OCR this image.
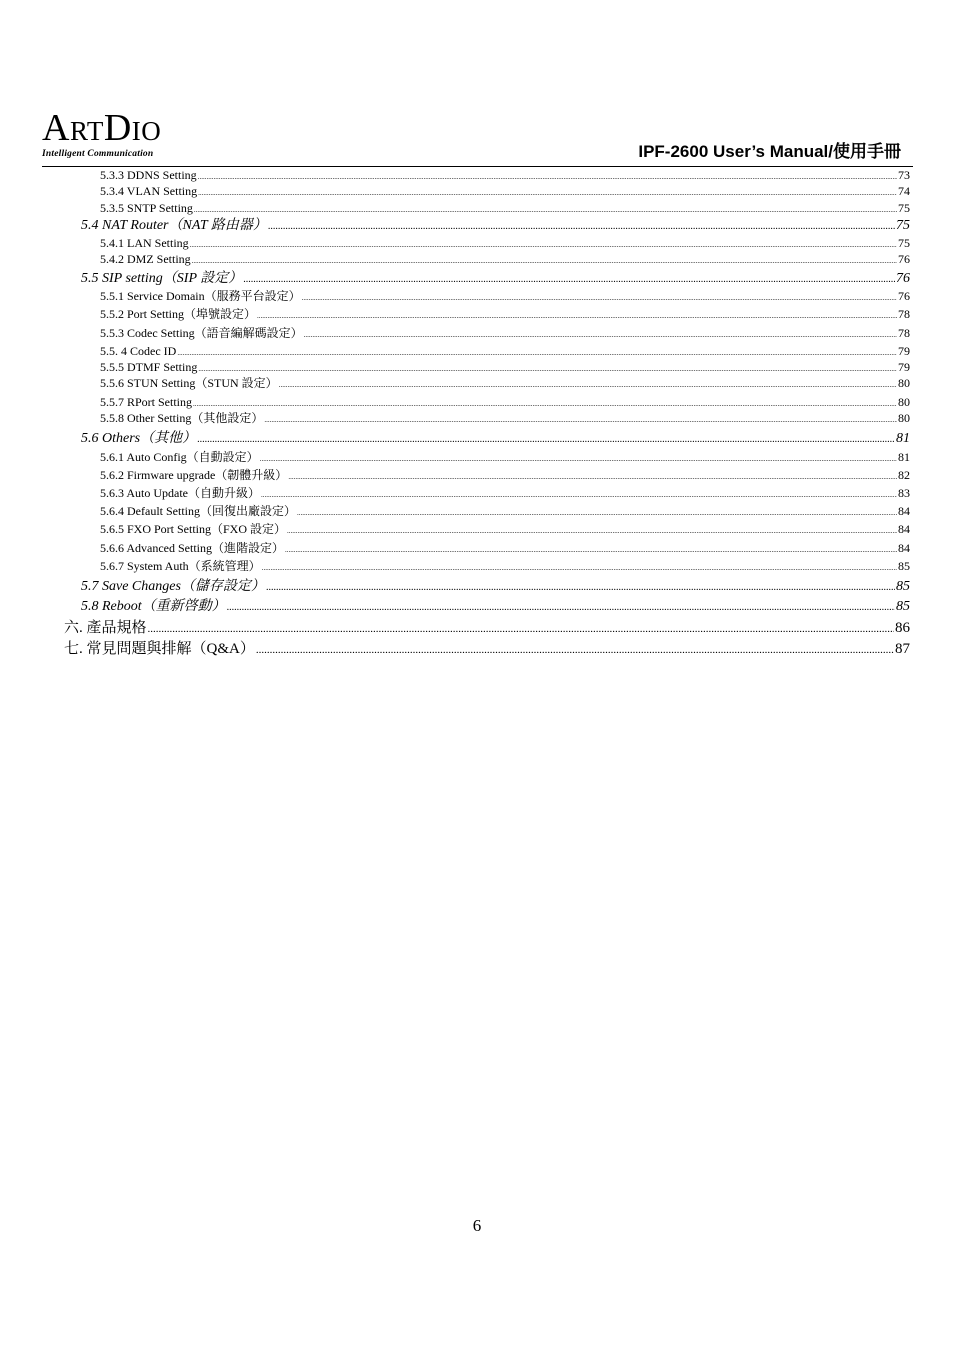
ARTDIO
Intelligent Communication	IPF-2600 User’s Manual/使用手冊
5.3.3 DDNS Setting .....	73
5.3.4 VLAN Setting .....	74
5.3.5 SNTP Setting .....	75
5.4 NAT Router（NAT 路由器） .....	75
5.4.1 LAN Setting .....	75
5.4.2 DMZ Setting .....	76
5.5 SIP setting（SIP 設定） .....	76
5.5.1 Service Domain（服務平台設定） .....	76
5.5.2 Port Setting（埠號設定） .....	78
5.5.3 Codec Setting（語音編解碼設定） .....	78
5.5. 4 Codec ID .....	79
5.5.5 DTMF Setting .....	79
5.5.6 STUN Setting（STUN 設定） .....	80
5.5.7 RPort Setting .....	80
5.5.8 Other Setting（其他設定） .....	80
5.6 Others（其他） .....	81
5.6.1 Auto Config（自動設定） .....	81
5.6.2 Firmware upgrade（韌體升級） .....	82
5.6.3 Auto Update（自動升級） .....	83
5.6.4 Default Setting（回復出廠設定） .....	84
5.6.5 FXO Port Setting（FXO 設定） .....	84
5.6.6 Advanced Setting（進階設定） .....	84
5.6.7 System Auth（系統管理） .....	85
5.7 Save Changes（儲存設定） .....	85
5.8 Reboot（重新啓動） .....	85
六. 產品規格 .....	86
七. 常見問題與排解（Q&A） .....	87
6
